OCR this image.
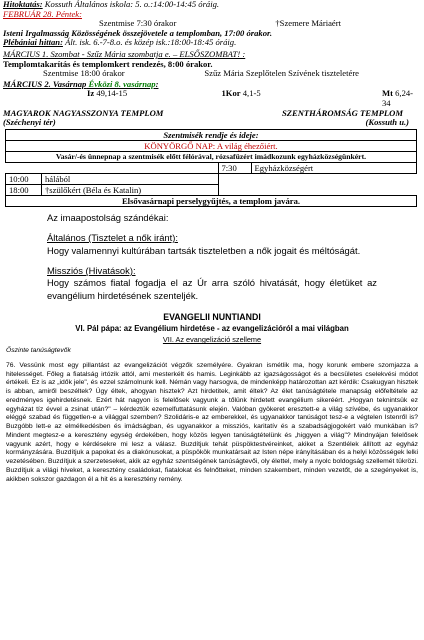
Hitoktatás: Kossuth Általános iskola: 5. o.:14:00-14:45 óráig.
FEBRUÁR 28. Péntek:
Szentmise 7:30 órakor	†Szemere Máriaért
Isteni Irgalmasság Közösségének összejövetele a templomban, 17:00 órakor.
Plébániai hittan: Ált. isk. 6.-7-8.o. és közép isk.:18:00-18:45 óráig.
MÁRCIUS 1. Szombat - Szűz Mária szombatja e. – ELSŐSZOMBAT! :
Templomtakarítás és templomkert rendezés, 8:00 órakor.
Szentmise 18:00 órakor	Szűz Mária Szeplőtelen Szívének tiszteletére
MÁRCIUS 2. Vasárnap Évközi 8. vasárnap:
Iz 49,14-15	1Kor 4,1-5	Mt 6,24-34
MAGYAROK NAGYASSZONYA TEMPLOM	SZENTHÁROMSÁG TEMPLOM
(Széchenyi tér)	(Kossuth u.)
Szentmisék rendje és ideje:			
KÖNYÖRGŐ NAP: A világ éhezőiért.			
Vasár/-és ünnepnap a szentmisék előtt félórával, rózsafüzért imádkozunk egyházközségünkért.			
		7:30	Egyházközségért
10:00	hálából		
18:00	†szülőkért (Béla és Katalin)		
Elsővasárnapi perselygyűjtés, a templom javára.			

Az imaapostolság szándékai:

Általános (Tisztelet a nők iránt):

Hogy valamennyi kultúrában tartsák tiszteletben a nők jogait és méltóságát.

Missziós (Hivatások):

Hogy számos fiatal fogadja el az Úr arra szóló hivatását, hogy életüket az evangélium hirdetésének szenteljék.

EVANGELII NUNTIANDI
VI. Pál pápa: az Evangélium hirdetése - az evangelizációról a mai világban
VII. Az evangelizáció szelleme

Őszinte tanúságtevők

76. Vessünk most egy pillantást az evangelizációt végzők személyére. Gyakran ismétlik ma, hogy korunk embere szomjazza a hitelességet. Főleg a fiatalság irtózik attól, ami mesterkélt és hamis. Leginkább az igazságosságot és a becsületes cselekvési módot értékeli. Ez is az „idők jele", és ezzel számolnunk kell. Némán vagy harsogva, de mindenképp határozottan azt kérdik: Csakugyan hisztek is abban, amiről beszéltek? Úgy éltek, ahogyan hisztek? Azt hirdetitek, amit éltek? Az élet tanúságtétele manapság előfeltétele az eredményes igehirdetésnek. Ezért hát nagyon is felelősek vagyunk a tőlünk hirdetett evangélium sikeréért. „Hogyan teknintsük ez egyházat tíz évvel a zsinat után?" – kérdeztük ezemelfuttatásunk elején. Valóban gyökeret eresztett-e a világ szívébe, és ugyanakkor eléggé szabad és független-e a világgal szemben? Szolidáris-e az emberekkel, és ugyanakkor tanúságot tesz-e a végtelen Istenről is? Buzgóbb lett-e az elmélkedésben és imádságban, és ugyanakkor a missziós, karitatív és a szabadságjogokért való munkában is? Mindent megtesz-e a keresztény egység érdekében, hogy közös legyen tanúságtételünk és „higgyen a világ"? Mindnyájan felelősek vagyunk azért, hogy e kérdésekre mi lesz a válasz. Buzdítjuk tehát püspöktestvéreinket, akiket a Szentlélek állított az egyház kormányzására. Buzdítjuk a papokat és a diakónusokat, a püspökök munkatársait az Isten népe irányításában és a helyi közösségek lelki vezetésében. Buzdítjuk a szerzeteseket, akik az egyház szentségének tanúságtevői, oly élettel, mely a nyolc boldogság szellemét tükrözi. Buzdítjuk a világi híveket, a keresztény családokat, fiatalokat és felnőtteket, minden szakembert, minden vezetőt, de a szegényeket is, akikben sokszor gazdagon él a hit és a keresztény remény.
